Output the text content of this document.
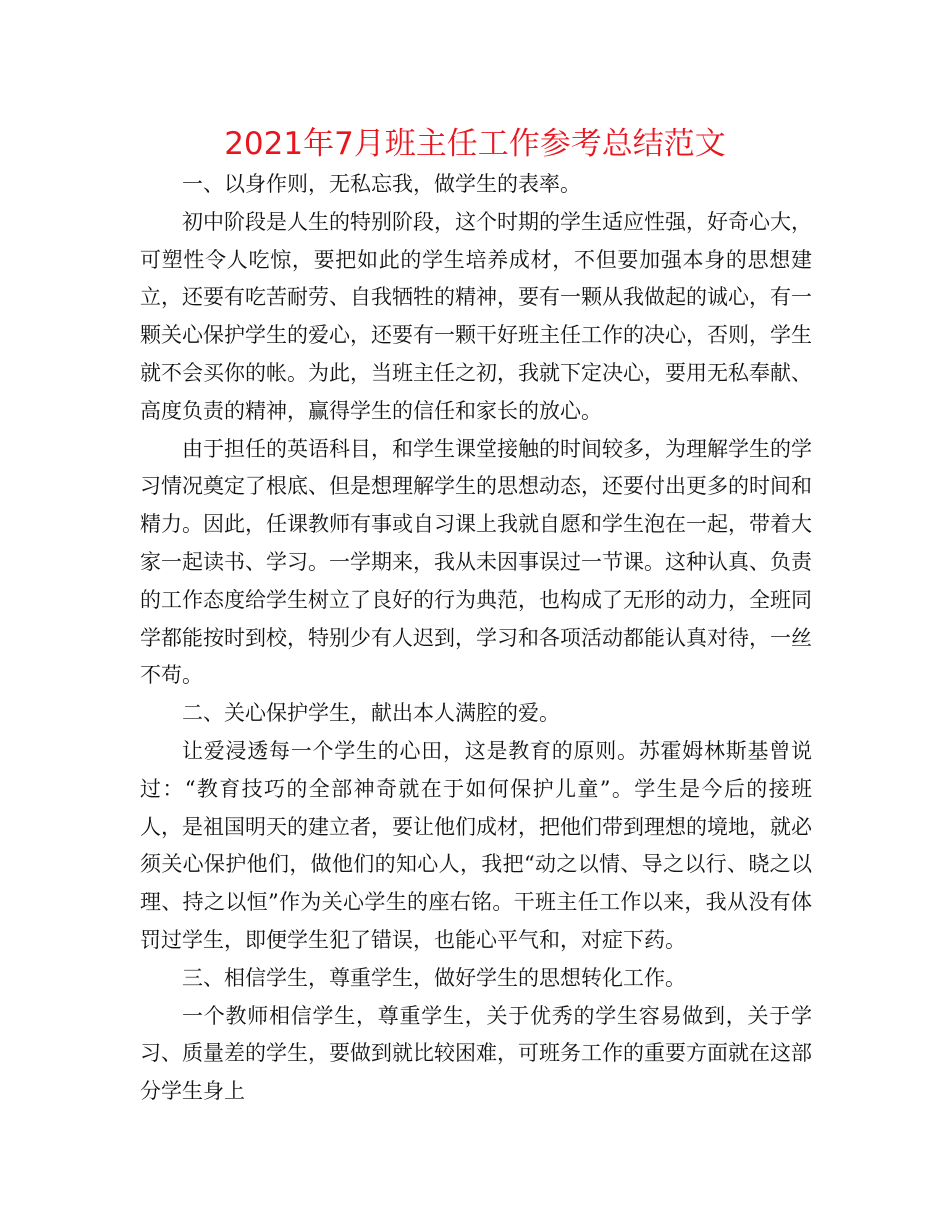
2021年7月班主任工作参考总结范文

一、以身作则，无私忘我，做学生的表率。

初中阶段是人生的特别阶段，这个时期的学生适应性强，好奇心大，可塑性令人吃惊，要把如此的学生培养成材，不但要加强本身的思想建立，还要有吃苦耐劳、自我牺牲的精神，要有一颗从我做起的诚心，有一颗关心保护学生的爱心，还要有一颗干好班主任工作的决心，否则，学生就不会买你的帐。为此，当班主任之初，我就下定决心，要用无私奉献、高度负责的精神，赢得学生的信任和家长的放心。

由于担任的英语科目，和学生课堂接触的时间较多，为理解学生的学习情况奠定了根底、但是想理解学生的思想动态，还要付出更多的时间和精力。因此，任课教师有事或自习课上我就自愿和学生泡在一起，带着大家一起读书、学习。一学期来，我从未因事误过一节课。这种认真、负责的工作态度给学生树立了良好的行为典范，也构成了无形的动力，全班同学都能按时到校，特别少有人迟到，学习和各项活动都能认真对待，一丝不苟。

二、关心保护学生，献出本人满腔的爱。

让爱浸透每一个学生的心田，这是教育的原则。苏霍姆林斯基曾说过：“教育技巧的全部神奇就在于如何保护儿童”。学生是今后的接班人，是祖国明天的建立者，要让他们成材，把他们带到理想的境地，就必须关心保护他们，做他们的知心人，我把“动之以情、导之以行、晓之以理、持之以恒”作为关心学生的座右铭。干班主任工作以来，我从没有体罚过学生，即便学生犯了错误，也能心平气和，对症下药。

三、相信学生，尊重学生，做好学生的思想转化工作。

一个教师相信学生，尊重学生，关于优秀的学生容易做到，关于学习、质量差的学生，要做到就比较困难，可班务工作的重要方面就在这部分学生身上
